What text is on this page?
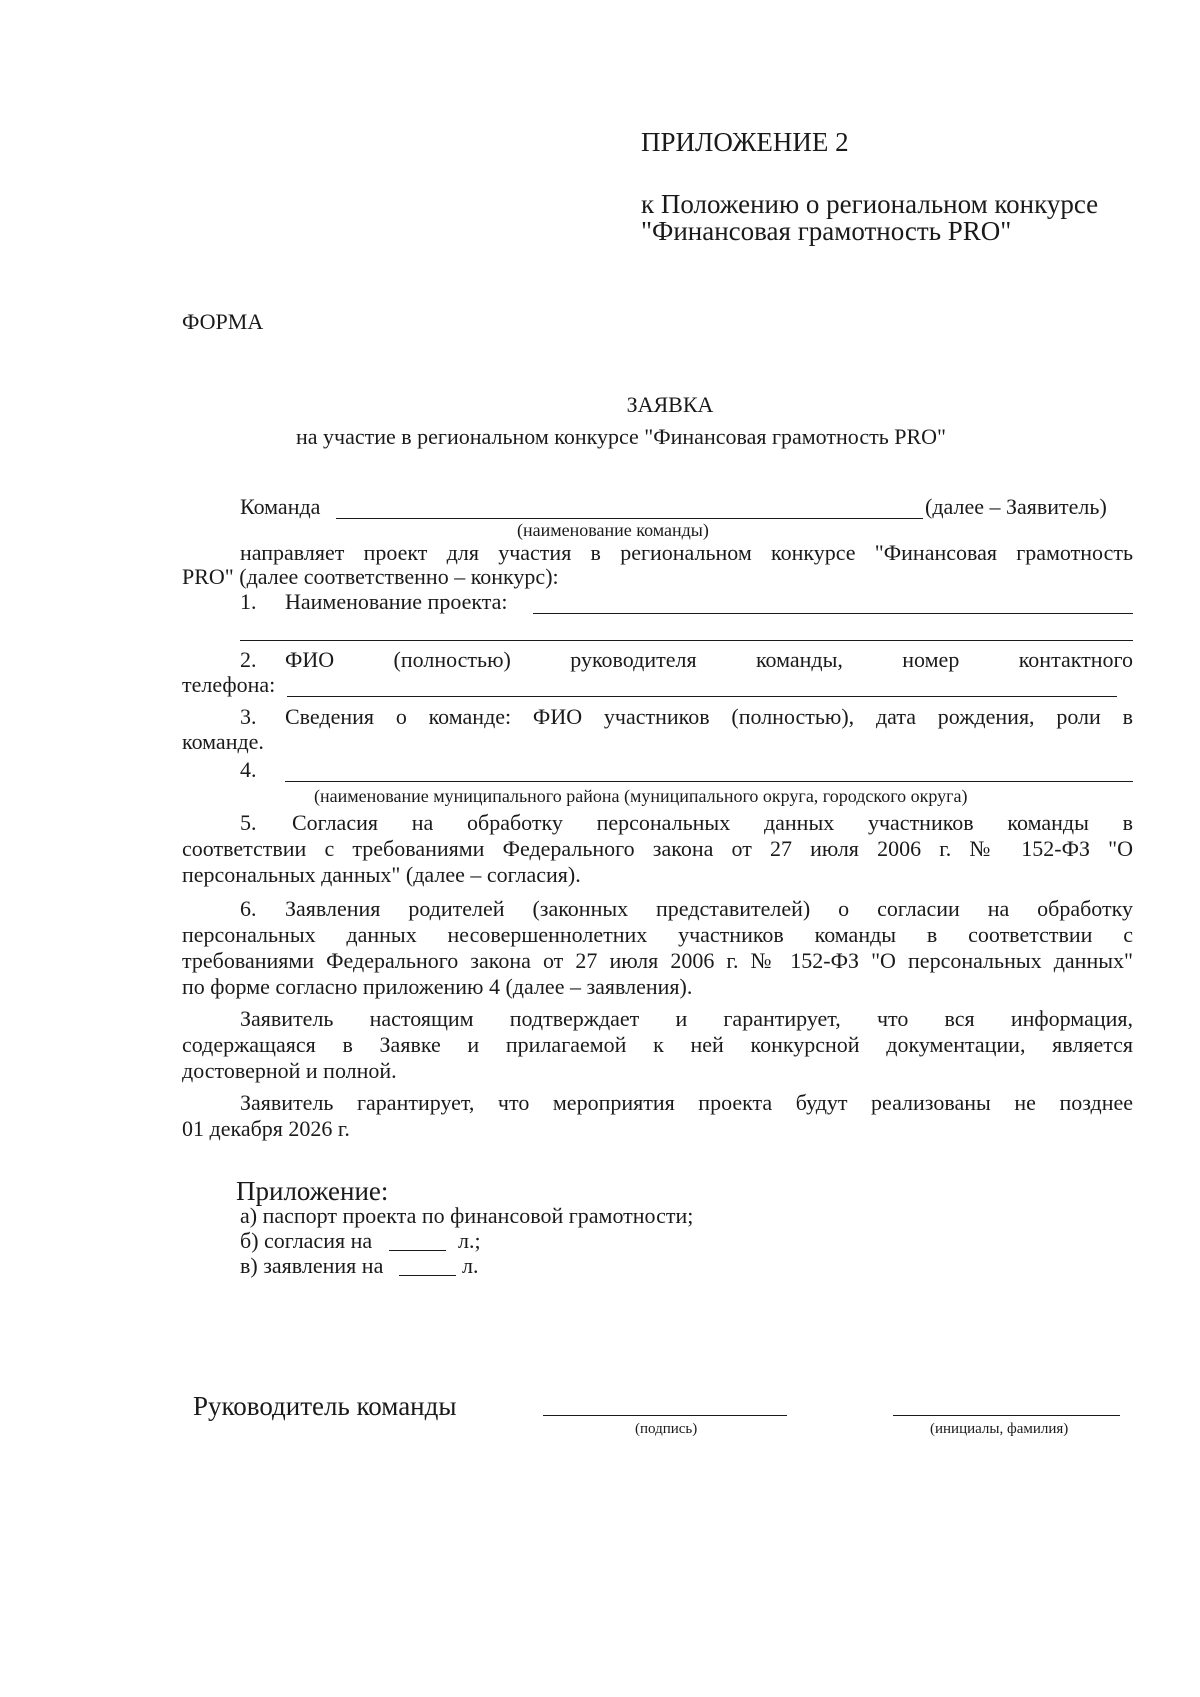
ПРИЛОЖЕНИЕ 2
к Положению о региональном конкурсе
"Финансовая грамотность PRO"
ФОРМА
ЗАЯВКА
на участие в региональном конкурсе "Финансовая грамотность PRO"
Команда	(далее – Заявитель)
(наименование команды)
направляет проект для участия в региональном конкурсе "Финансовая грамотность
PRO" (далее соответственно – конкурс):
1. Наименование проекта:
2. ФИО	(полностью)	руководителя	команды,	номер	контактного
телефона:
3. Сведения о команде: ФИО участников (полностью), дата рождения, роли в
команде.
4.
(наименование муниципального района (муниципального округа, городского округа)
5. Согласия на обработку персональных данных участников команды в
соответствии с требованиями Федерального закона от 27 июля 2006 г. № 152-ФЗ "О
персональных данных" (далее – согласия).
6. Заявления родителей (законных представителей) о согласии на обработку
персональных данных несовершеннолетних участников команды в соответствии с
требованиями Федерального закона от 27 июля 2006 г. № 152-ФЗ "О персональных данных"
по форме согласно приложению 4 (далее – заявления).
Заявитель настоящим подтверждает и гарантирует, что вся информация,
содержащаяся в Заявке и прилагаемой к ней конкурсной документации, является
достоверной и полной.
Заявитель гарантирует, что мероприятия проекта будут реализованы не позднее
01 декабря 2026 г.
Приложение:
а) паспорт проекта по финансовой грамотности;
б) согласия на	л.;
в) заявления на	л.
Руководитель команды
(подпись)	(инициалы, фамилия)
